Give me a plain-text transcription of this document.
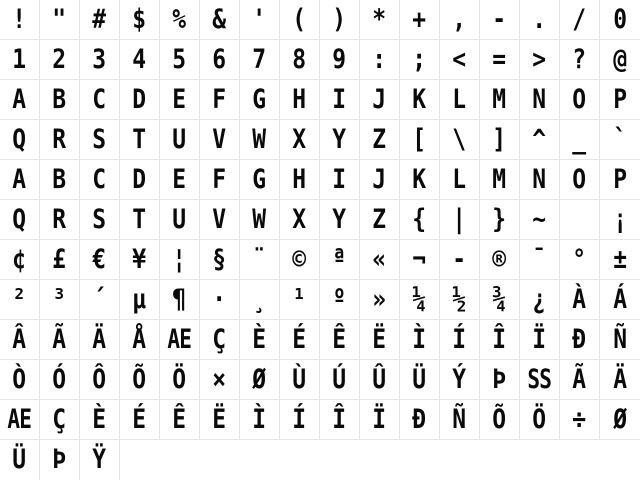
! " # $ % & ' ( ) * + , - . / 0
1 2 3 4 5 6 7 8 9 : ; < = > ? @
A B C D E F G H I J K L M N O P
Q R S T U V W X Y Z [ \ ] ^ _ `
A B C D E F G H I J K L M N O P
Q R S T U V W X Y Z { | } ~	¡
¢ £ € ¥ ¦ § ¨ © ª « ¬ - ® ¯ ° ±
² ³ ´ µ ¶ · ¸ ¹ º » ¼ ½ ¾ ¿ À Á
Â Ã Ä Å AE Ç È É Ê Ë Ì Í Î Ï Ð Ñ
Ò Ó Ô Õ Ö × Ø Ù Ú Û Ü Ý Þ SS Ã Ä
AE Ç È É Ê Ë Ì Í Î Ï Ð Ñ Õ Ö ÷ Ø
Ü Þ Ÿ
